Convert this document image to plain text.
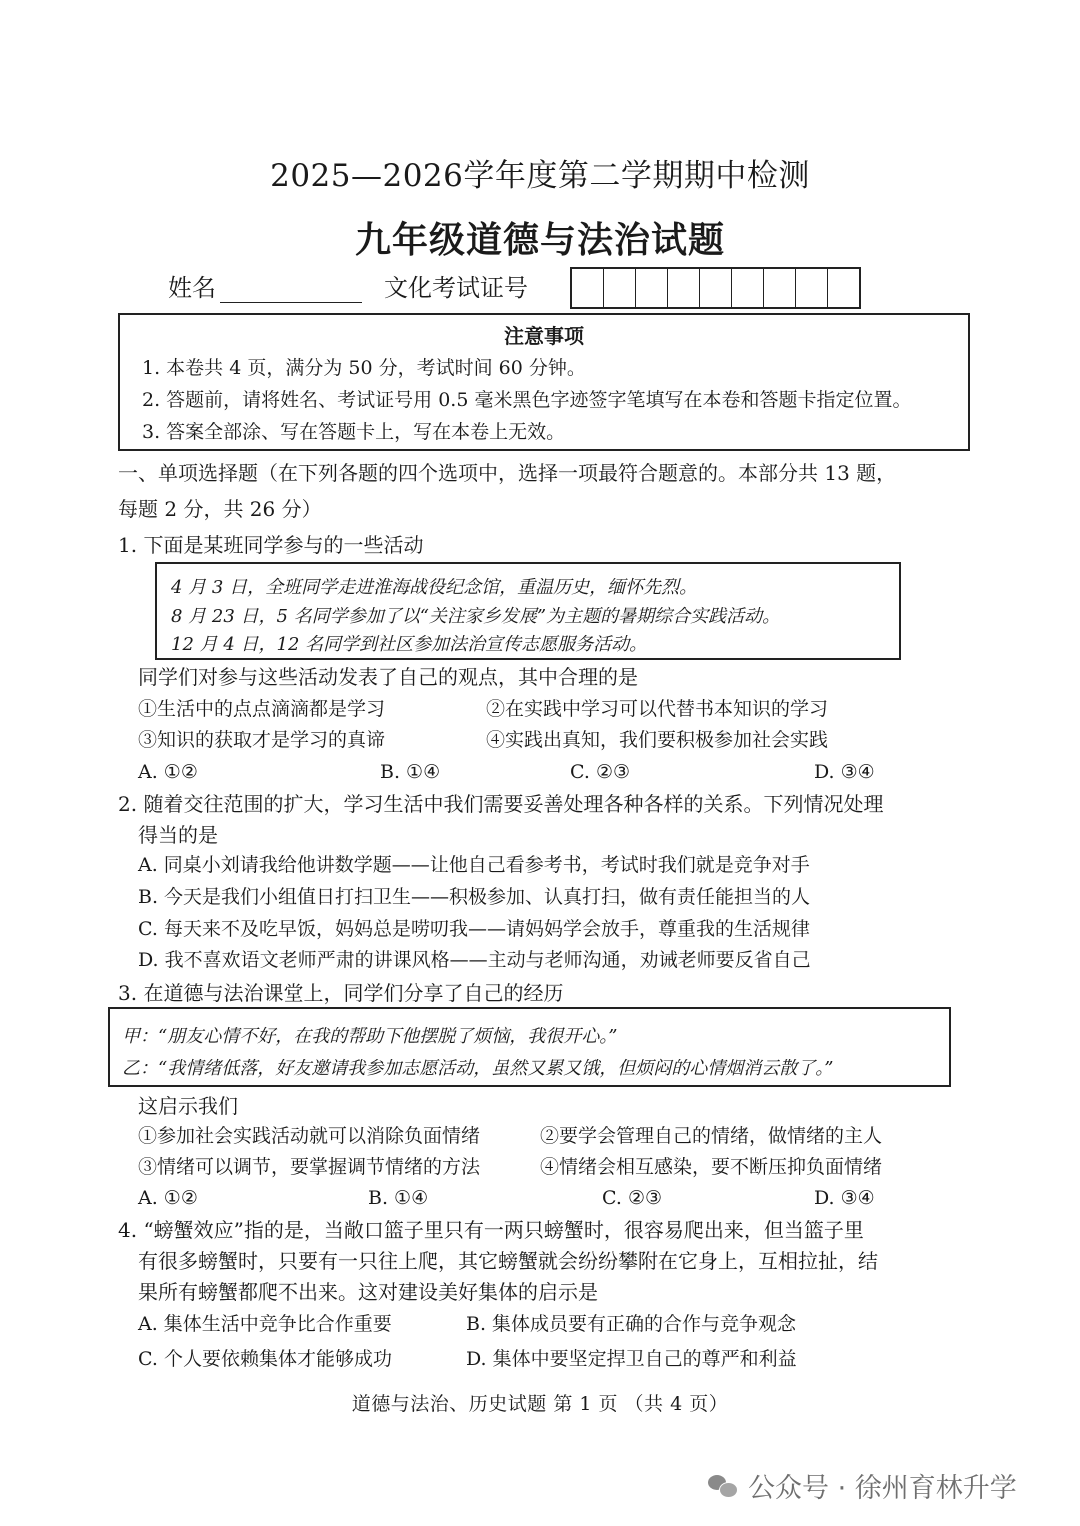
2025—2026学年度第二学期期中检测
九年级道德与法治试题
姓名	文化考试证号
注意事项
1. 本卷共 4 页，满分为 50 分，考试时间 60 分钟。
2. 答题前，请将姓名、考试证号用 0.5 毫米黑色字迹签字笔填写在本卷和答题卡指定位置。
3. 答案全部涂、写在答题卡上，写在本卷上无效。
一、单项选择题（在下列各题的四个选项中，选择一项最符合题意的。本部分共 13 题，
每题 2 分，共 26 分）
1. 下面是某班同学参与的一些活动
4 月 3 日，全班同学走进淮海战役纪念馆，重温历史，缅怀先烈。
8 月 23 日，5 名同学参加了以“关注家乡发展”为主题的暑期综合实践活动。
12 月 4 日，12 名同学到社区参加法治宣传志愿服务活动。
同学们对参与这些活动发表了自己的观点，其中合理的是
①生活中的点点滴滴都是学习	②在实践中学习可以代替书本知识的学习
③知识的获取才是学习的真谛	④实践出真知，我们要积极参加社会实践
A. ①②	B. ①④	C. ②③	D. ③④
2. 随着交往范围的扩大，学习生活中我们需要妥善处理各种各样的关系。下列情况处理
得当的是
A. 同桌小刘请我给他讲数学题——让他自己看参考书，考试时我们就是竞争对手
B. 今天是我们小组值日打扫卫生——积极参加、认真打扫，做有责任能担当的人
C. 每天来不及吃早饭，妈妈总是唠叨我——请妈妈学会放手，尊重我的生活规律
D. 我不喜欢语文老师严肃的讲课风格——主动与老师沟通，劝诫老师要反省自己
3. 在道德与法治课堂上，同学们分享了自己的经历
甲：“朋友心情不好，在我的帮助下他摆脱了烦恼，我很开心。”
乙：“我情绪低落，好友邀请我参加志愿活动，虽然又累又饿，但烦闷的心情烟消云散了。”
这启示我们
①参加社会实践活动就可以消除负面情绪	②要学会管理自己的情绪，做情绪的主人
③情绪可以调节，要掌握调节情绪的方法	④情绪会相互感染，要不断压抑负面情绪
A. ①②	B. ①④	C. ②③	D. ③④
4. “螃蟹效应”指的是，当敞口篮子里只有一两只螃蟹时，很容易爬出来，但当篮子里
有很多螃蟹时，只要有一只往上爬，其它螃蟹就会纷纷攀附在它身上，互相拉扯，结
果所有螃蟹都爬不出来。这对建设美好集体的启示是
A. 集体生活中竞争比合作重要	B. 集体成员要有正确的合作与竞争观念
C. 个人要依赖集体才能够成功	D. 集体中要坚定捍卫自己的尊严和利益
道德与法治、历史试题 第 1 页 （共 4 页）
公众号 · 徐州育林升学
